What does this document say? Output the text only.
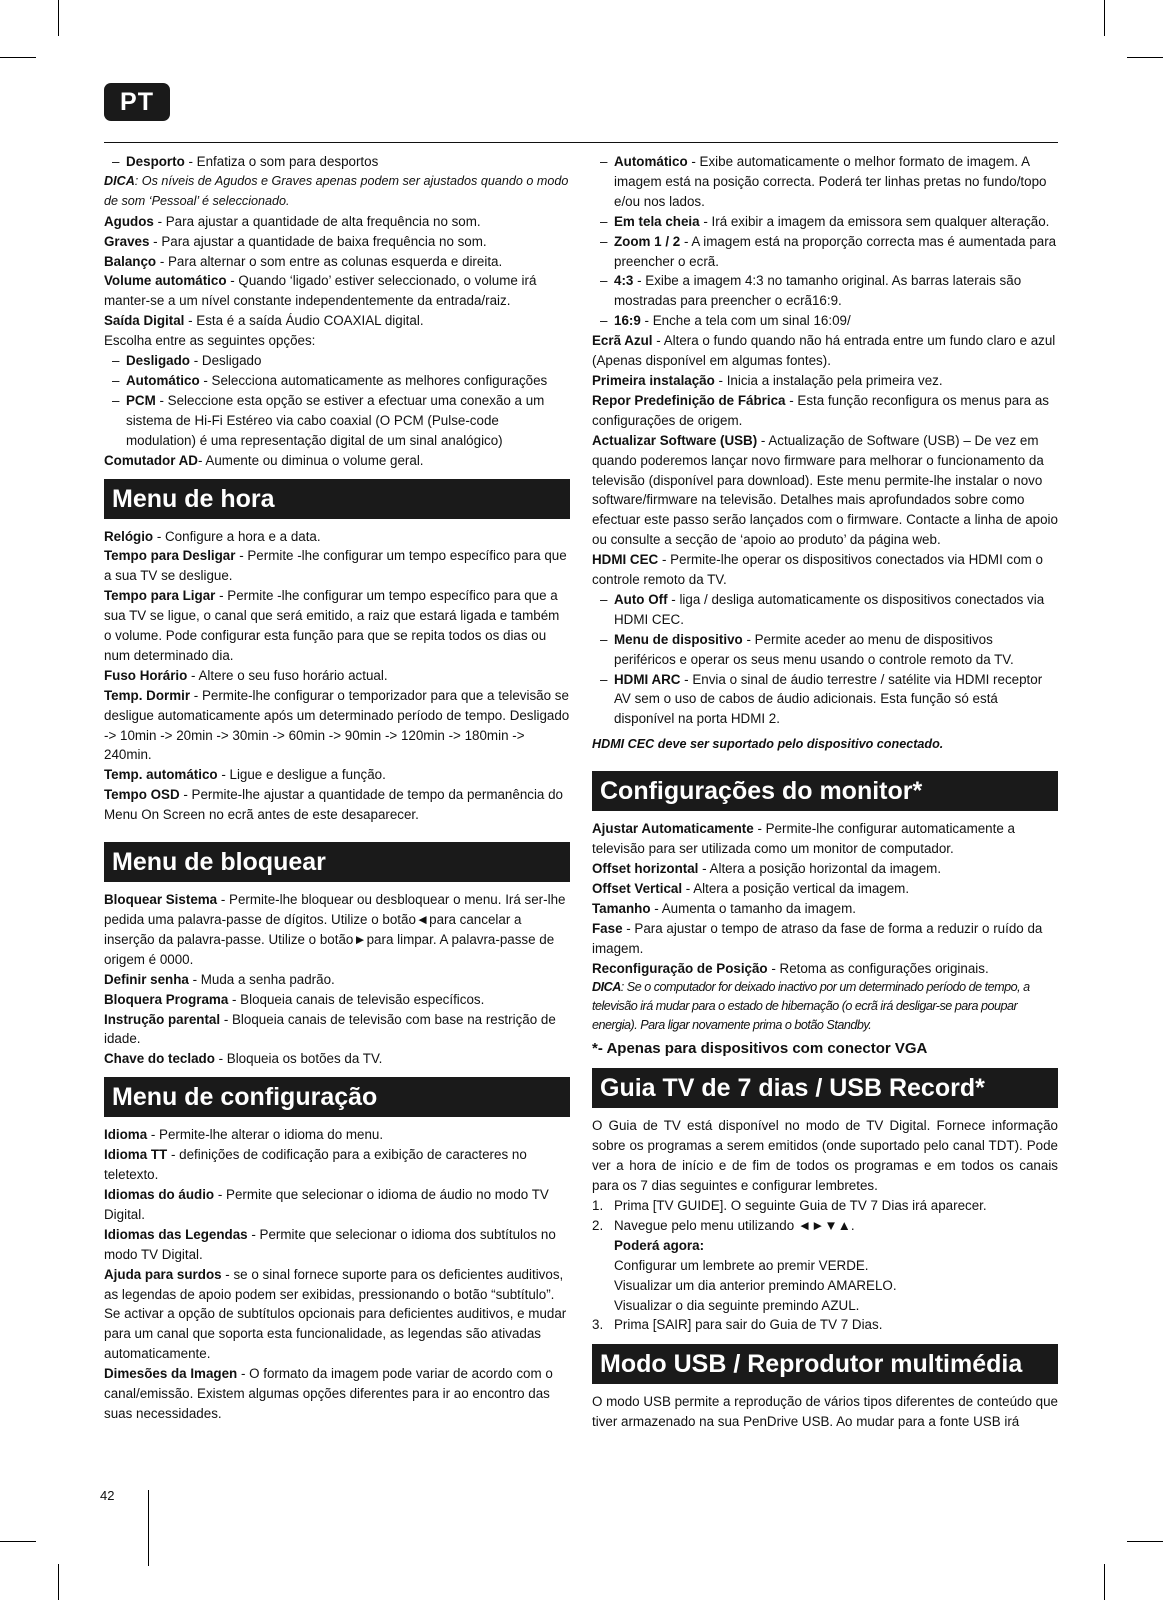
PT

– Desporto - Enfatiza o som para desportos

DICA: Os níveis de Agudos e Graves apenas podem ser ajustados quando o modo de som ‘Pessoal’ é seleccionado.

Agudos - Para ajustar a quantidade de alta frequência no som.

Graves - Para ajustar a quantidade de baixa frequência no som.

Balanço - Para alternar o som entre as colunas esquerda e direita.

Volume automático - Quando ‘ligado’ estiver seleccionado, o volume irá manter-se a um nível constante independentemente da entrada/raiz.

Saída Digital - Esta é a saída Áudio COAXIAL digital.

Escolha entre as seguintes opções:

– Desligado - Desligado

– Automático - Selecciona automaticamente as melhores configurações

– PCM - Seleccione esta opção se estiver a efectuar uma conexão a um sistema de Hi-Fi Estéreo via cabo coaxial (O PCM (Pulse-code modulation) é uma representação digital de um sinal analógico)

Comutador AD- Aumente ou diminua o volume geral.

Menu de hora

Relógio - Configure a hora e a data.

Tempo para Desligar - Permite -lhe configurar um tempo específico para que a sua TV se desligue.

Tempo para Ligar - Permite -lhe configurar um tempo específico para que a sua TV se ligue, o canal que será emitido, a raiz que estará ligada e também o volume. Pode configurar esta função para que se repita todos os dias ou num determinado dia.

Fuso Horário - Altere o seu fuso horário actual.

Temp. Dormir - Permite-lhe configurar o temporizador para que a televisão se desligue automaticamente após um determinado período de tempo. Desligado -> 10min -> 20min -> 30min -> 60min -> 90min -> 120min -> 180min -> 240min.

Temp. automático - Ligue e desligue a função.

Tempo OSD - Permite-lhe ajustar a quantidade de tempo da permanência do Menu On Screen no ecrã antes de este desaparecer.

Menu de bloquear

Bloquear Sistema - Permite-lhe bloquear ou desbloquear o menu. Irá ser-lhe pedida uma palavra-passe de dígitos. Utilize o botão◄para cancelar a inserção da palavra-passe. Utilize o botão►para limpar. A palavra-passe de origem é 0000.

Definir senha - Muda a senha padrão.

Bloquera Programa - Bloqueia canais de televisão específicos.

Instrução parental - Bloqueia canais de televisão com base na restrição de idade.

Chave do teclado - Bloqueia os botões da TV.

Menu de configuração

Idioma - Permite-lhe alterar o idioma do menu.

Idioma TT - definições de codificação para a exibição de caracteres no teletexto.

Idiomas do áudio - Permite que selecionar o idioma de áudio no modo TV Digital.

Idiomas das Legendas - Permite que selecionar o idioma dos subtítulos no modo TV Digital.

Ajuda para surdos - se o sinal fornece suporte para os deficientes auditivos, as legendas de apoio podem ser exibidas, pressionando o botão “subtítulo”. Se activar a opção de subtítulos opcionais para deficientes auditivos, e mudar para um canal que soporta esta funcionalidade, as legendas são ativadas automaticamente.

Dimesões da Imagen - O formato da imagem pode variar de acordo com o canal/emissão. Existem algumas opções diferentes para ir ao encontro das suas necessidades.

– Automático - Exibe automaticamente o melhor formato de imagem. A imagem está na posição correcta. Poderá ter linhas pretas no fundo/topo e/ou nos lados.

– Em tela cheia - Irá exibir a imagem da emissora sem qualquer alteração.

– Zoom 1 / 2 - A imagem está na proporção correcta mas é aumentada para preencher o ecrã.

– 4:3 - Exibe a imagem 4:3 no tamanho original. As barras laterais são mostradas para preencher o ecrã16:9.

– 16:9 - Enche a tela com um sinal 16:09/

Ecrã Azul - Altera o fundo quando não há entrada entre um fundo claro e azul (Apenas disponível em algumas fontes).

Primeira instalação - Inicia a instalação pela primeira vez.

Repor Predefinição de Fábrica - Esta função reconfigura os menus para as configurações de origem.

Actualizar Software (USB) - Actualização de Software (USB) – De vez em quando poderemos lançar novo firmware para melhorar o funcionamento da televisão (disponível para download). Este menu permite-lhe instalar o novo software/firmware na televisão. Detalhes mais aprofundados sobre como efectuar este passo serão lançados com o firmware. Contacte a linha de apoio ou consulte a secção de ‘apoio ao produto’ da página web.

HDMI CEC - Permite-lhe operar os dispositivos conectados via HDMI com o controle remoto da TV.

– Auto Off - liga / desliga automaticamente os dispositivos conectados via HDMI CEC.

– Menu de dispositivo - Permite aceder ao menu de dispositivos periféricos e operar os seus menu usando o controle remoto da TV.

– HDMI ARC - Envia o sinal de áudio terrestre / satélite via HDMI receptor AV sem o uso de cabos de áudio adicionais. Esta função só está disponível na porta HDMI 2.

HDMI CEC deve ser suportado pelo dispositivo conectado.

Configurações do monitor*

Ajustar Automaticamente - Permite-lhe configurar automaticamente a televisão para ser utilizada como um monitor de computador.

Offset horizontal - Altera a posição horizontal da imagem.

Offset Vertical - Altera a posição vertical da imagem.

Tamanho - Aumenta o tamanho da imagem.

Fase - Para ajustar o tempo de atraso da fase de forma a reduzir o ruído da imagem.

Reconfiguração de Posição - Retoma as configurações originais.

DICA: Se o computador for deixado inactivo por um determinado período de tempo, a televisão irá mudar para o estado de hibernação (o ecrã irá desligar-se para poupar energia). Para ligar novamente prima o botão Standby.

*- Apenas para dispositivos com conector VGA

Guia TV de 7 dias / USB Record*

O Guia de TV está disponível no modo de TV Digital. Fornece informação sobre os programas a serem emitidos (onde suportado pelo canal TDT). Pode ver a hora de início e de fim de todos os programas e em todos os canais para os 7 dias seguintes e configurar lembretes.

1. Prima [TV GUIDE]. O seguinte Guia de TV 7 Dias irá aparecer.

2. Navegue pelo menu utilizando ◄►▼▲.

Poderá agora:

Configurar um lembrete ao premir VERDE.

Visualizar um dia anterior premindo AMARELO.

Visualizar o dia seguinte premindo AZUL.

3. Prima [SAIR] para sair do Guia de TV 7 Dias.

Modo USB / Reprodutor multimédia

O modo USB permite a reprodução de vários tipos diferentes de conteúdo que tiver armazenado na sua PenDrive USB. Ao mudar para a fonte USB irá

42
